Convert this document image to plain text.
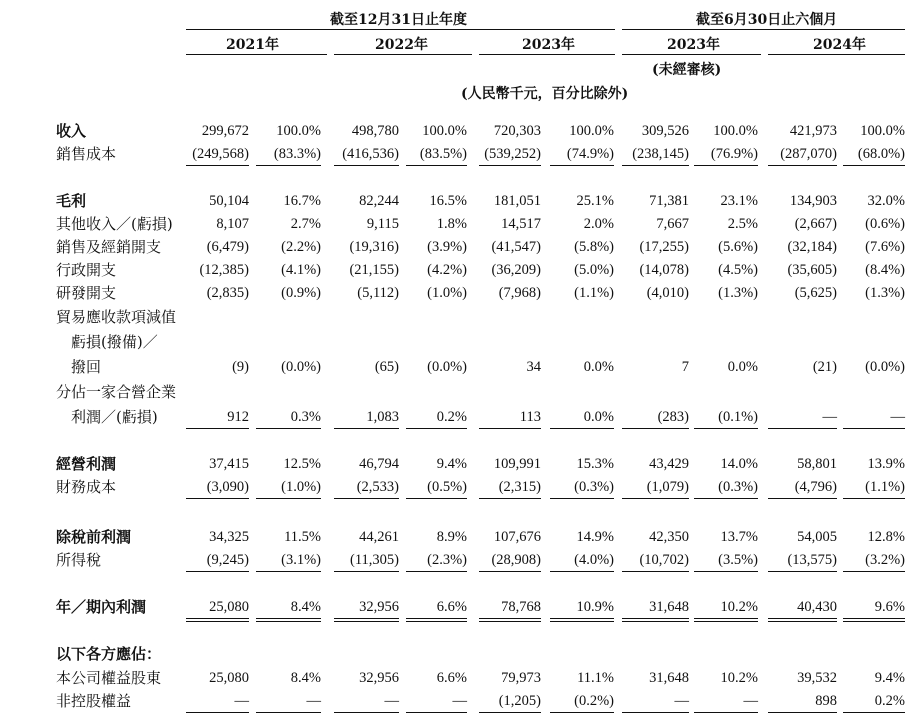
截至12月31日止年度	截至6月30日止六個月
2021年	2022年	2023年	2023年	2024年
(未經審核)
(人民幣千元，百分比除外)
收入	299,672 100.0% 498,780 100.0% 720,303 100.0% 309,526 100.0% 421,973 100.0%
銷售成本	(249,568) (83.3%) (416,536) (83.5%) (539,252) (74.9%) (238,145) (76.9%) (287,070) (68.0%)
毛利	50,104 16.7%	82,244 16.5% 181,051 25.1% 71,381 23.1% 134,903 32.0%
其他收入／(虧損)	8,107	2.7%	9,115	1.8% 14,517	2.0%	7,667	2.5%	(2,667) (0.6%)
銷售及經銷開支	(6,479) (2.2%) (19,316) (3.9%) (41,547) (5.8%) (17,255) (5.6%) (32,184) (7.6%)
行政開支	(12,385) (4.1%) (21,155) (4.2%) (36,209) (5.0%) (14,078) (4.5%) (35,605) (8.4%)
研發開支	(2,835) (0.9%)	(5,112) (1.0%) (7,968) (1.1%) (4,010) (1.3%)	(5,625) (1.3%)
貿易應收款項減值
　虧損(撥備)／
　撥回	(9) (0.0%)	(65) (0.0%)	34	0.0%	7	0.0%	(21) (0.0%)
分佔一家合營企業
　利潤／(虧損)	912	0.3%	1,083	0.2%	113	0.0%	(283) (0.1%)	—	—
經營利潤	37,415 12.5%	46,794	9.4% 109,991 15.3% 43,429 14.0%	58,801 13.9%
財務成本	(3,090) (1.0%) (2,533) (0.5%) (2,315) (0.3%) (1,079) (0.3%)	(4,796) (1.1%)
除稅前利潤	34,325 11.5%	44,261	8.9% 107,676 14.9% 42,350 13.7%	54,005 12.8%
所得稅	(9,245) (3.1%) (11,305) (2.3%) (28,908) (4.0%) (10,702) (3.5%) (13,575) (3.2%)
年／期內利潤	25,080	8.4%	32,956	6.6% 78,768 10.9% 31,648 10.2%	40,430	9.6%
以下各方應佔：
本公司權益股東	25,080	8.4%	32,956	6.6% 79,973 11.1% 31,648 10.2%	39,532	9.4%
非控股權益	—	—	—	— (1,205) (0.2%)	—	—	898	0.2%
